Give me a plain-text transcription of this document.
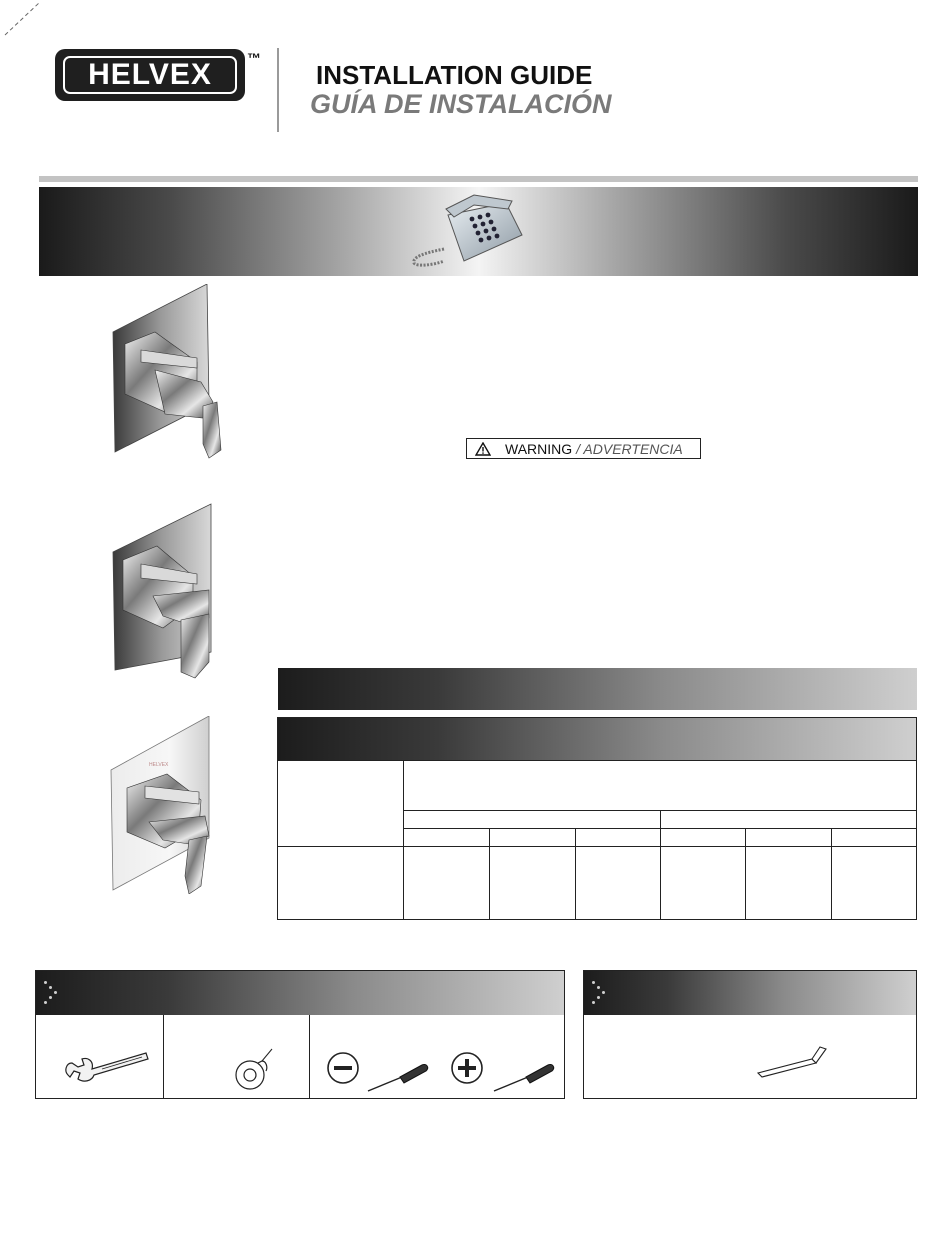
HELVEX	™
INSTALLATION GUIDE
GUÍA DE INSTALACIÓN
HELVEX
WARNING / ADVERTENCIA
